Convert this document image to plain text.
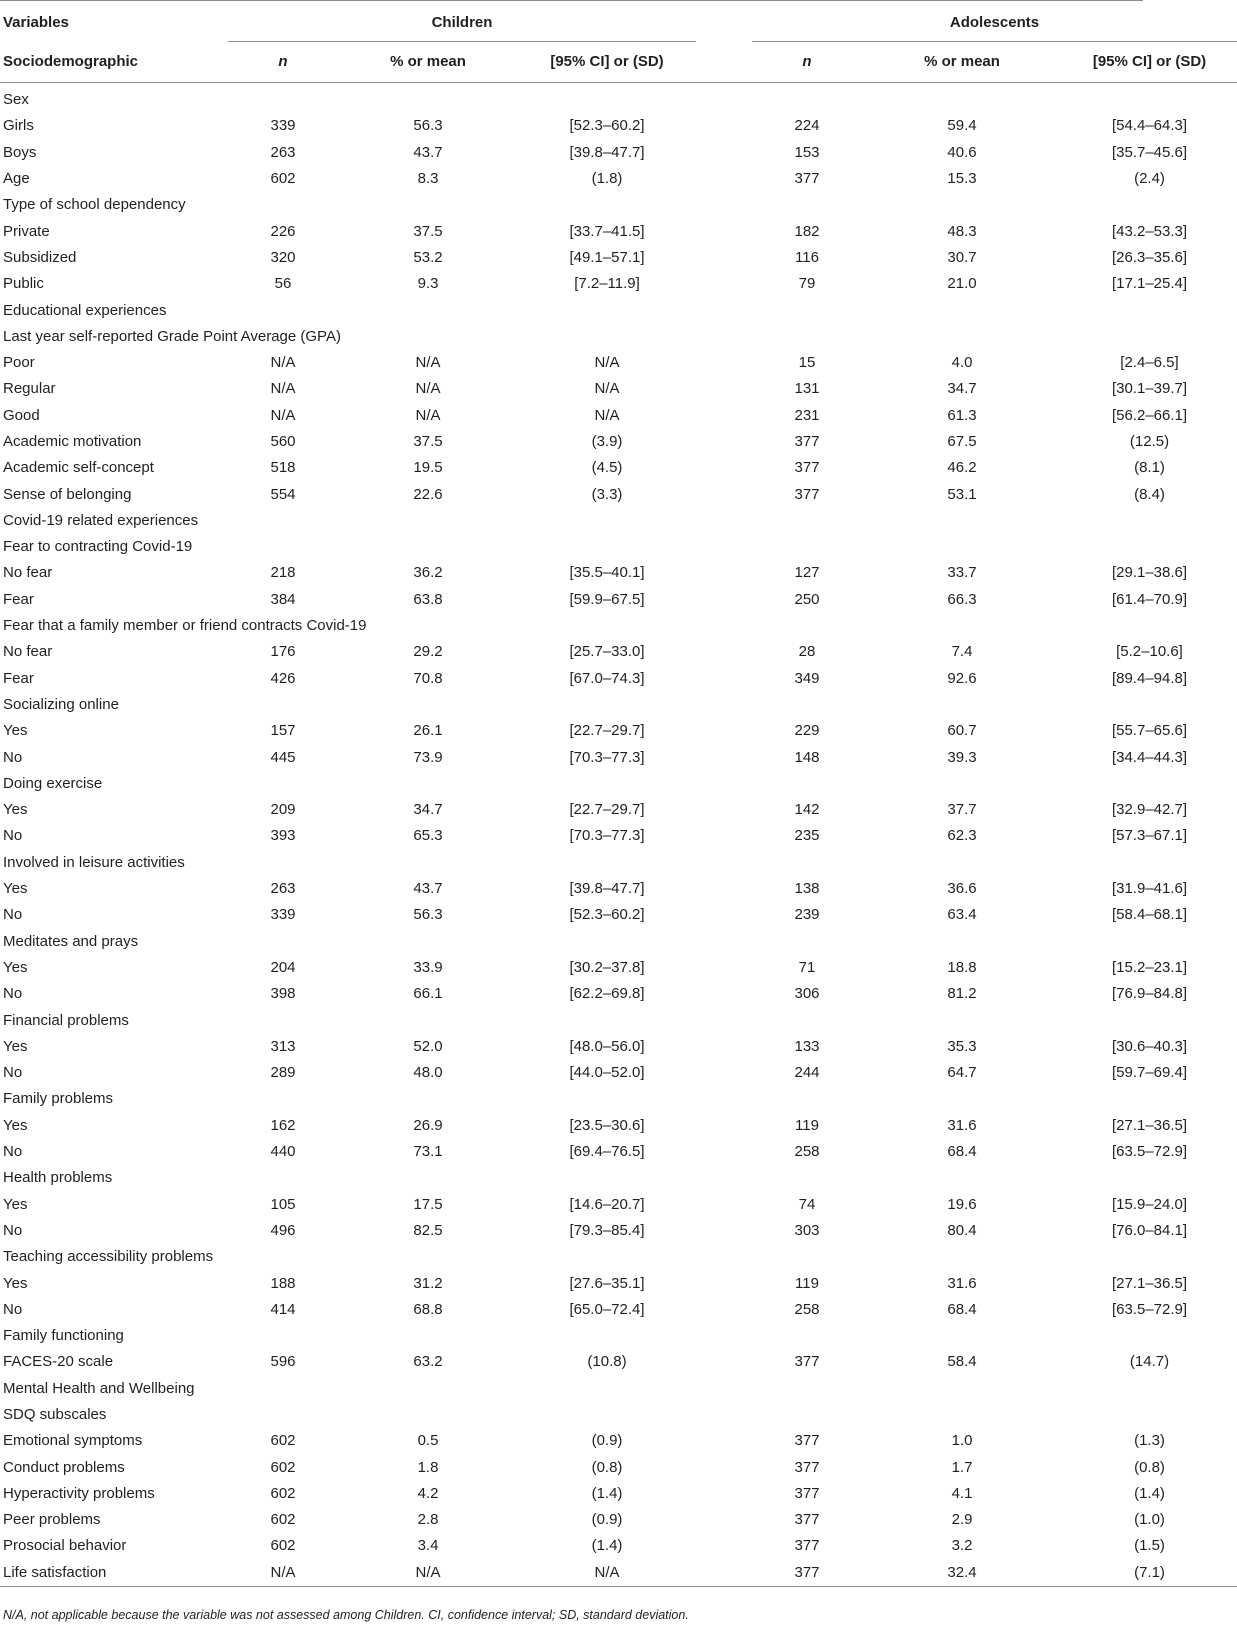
Variables	Children				Adolescents		

Sociodemographic	n	% or mean	[95% CI] or (SD)		n	% or mean	[95% CI] or (SD)
Sex							
Girls	339	56.3	[52.3–60.2]		224	59.4	[54.4–64.3]
Boys	263	43.7	[39.8–47.7]		153	40.6	[35.7–45.6]
Age	602	8.3	(1.8)		377	15.3	(2.4)
Type of school dependency							
Private	226	37.5	[33.7–41.5]		182	48.3	[43.2–53.3]
Subsidized	320	53.2	[49.1–57.1]		116	30.7	[26.3–35.6]
Public	56	9.3	[7.2–11.9]		79	21.0	[17.1–25.4]
Educational experiences							
Last year self-reported Grade Point Average (GPA)							
Poor	N/A	N/A	N/A		15	4.0	[2.4–6.5]
Regular	N/A	N/A	N/A		131	34.7	[30.1–39.7]
Good	N/A	N/A	N/A		231	61.3	[56.2–66.1]
Academic motivation	560	37.5	(3.9)		377	67.5	(12.5)
Academic self-concept	518	19.5	(4.5)		377	46.2	(8.1)
Sense of belonging	554	22.6	(3.3)		377	53.1	(8.4)
Covid-19 related experiences							
Fear to contracting Covid-19							
No fear	218	36.2	[35.5–40.1]		127	33.7	[29.1–38.6]
Fear	384	63.8	[59.9–67.5]		250	66.3	[61.4–70.9]
Fear that a family member or friend contracts Covid-19							
No fear	176	29.2	[25.7–33.0]		28	7.4	[5.2–10.6]
Fear	426	70.8	[67.0–74.3]		349	92.6	[89.4–94.8]
Socializing online							
Yes	157	26.1	[22.7–29.7]		229	60.7	[55.7–65.6]
No	445	73.9	[70.3–77.3]		148	39.3	[34.4–44.3]
Doing exercise							
Yes	209	34.7	[22.7–29.7]		142	37.7	[32.9–42.7]
No	393	65.3	[70.3–77.3]		235	62.3	[57.3–67.1]
Involved in leisure activities							
Yes	263	43.7	[39.8–47.7]		138	36.6	[31.9–41.6]
No	339	56.3	[52.3–60.2]		239	63.4	[58.4–68.1]
Meditates and prays							
Yes	204	33.9	[30.2–37.8]		71	18.8	[15.2–23.1]
No	398	66.1	[62.2–69.8]		306	81.2	[76.9–84.8]
Financial problems							
Yes	313	52.0	[48.0–56.0]		133	35.3	[30.6–40.3]
No	289	48.0	[44.0–52.0]		244	64.7	[59.7–69.4]
Family problems							
Yes	162	26.9	[23.5–30.6]		119	31.6	[27.1–36.5]
No	440	73.1	[69.4–76.5]		258	68.4	[63.5–72.9]
Health problems							
Yes	105	17.5	[14.6–20.7]		74	19.6	[15.9–24.0]
No	496	82.5	[79.3–85.4]		303	80.4	[76.0–84.1]
Teaching accessibility problems							
Yes	188	31.2	[27.6–35.1]		119	31.6	[27.1–36.5]
No	414	68.8	[65.0–72.4]		258	68.4	[63.5–72.9]
Family functioning							
FACES-20 scale	596	63.2	(10.8)		377	58.4	(14.7)
Mental Health and Wellbeing							
SDQ subscales							
Emotional symptoms	602	0.5	(0.9)		377	1.0	(1.3)
Conduct problems	602	1.8	(0.8)		377	1.7	(0.8)
Hyperactivity problems	602	4.2	(1.4)		377	4.1	(1.4)
Peer problems	602	2.8	(0.9)		377	2.9	(1.0)
Prosocial behavior	602	3.4	(1.4)		377	3.2	(1.5)
Life satisfaction	N/A	N/A	N/A		377	32.4	(7.1)
N/A, not applicable because the variable was not assessed among Children. CI, confidence interval; SD, standard deviation.
